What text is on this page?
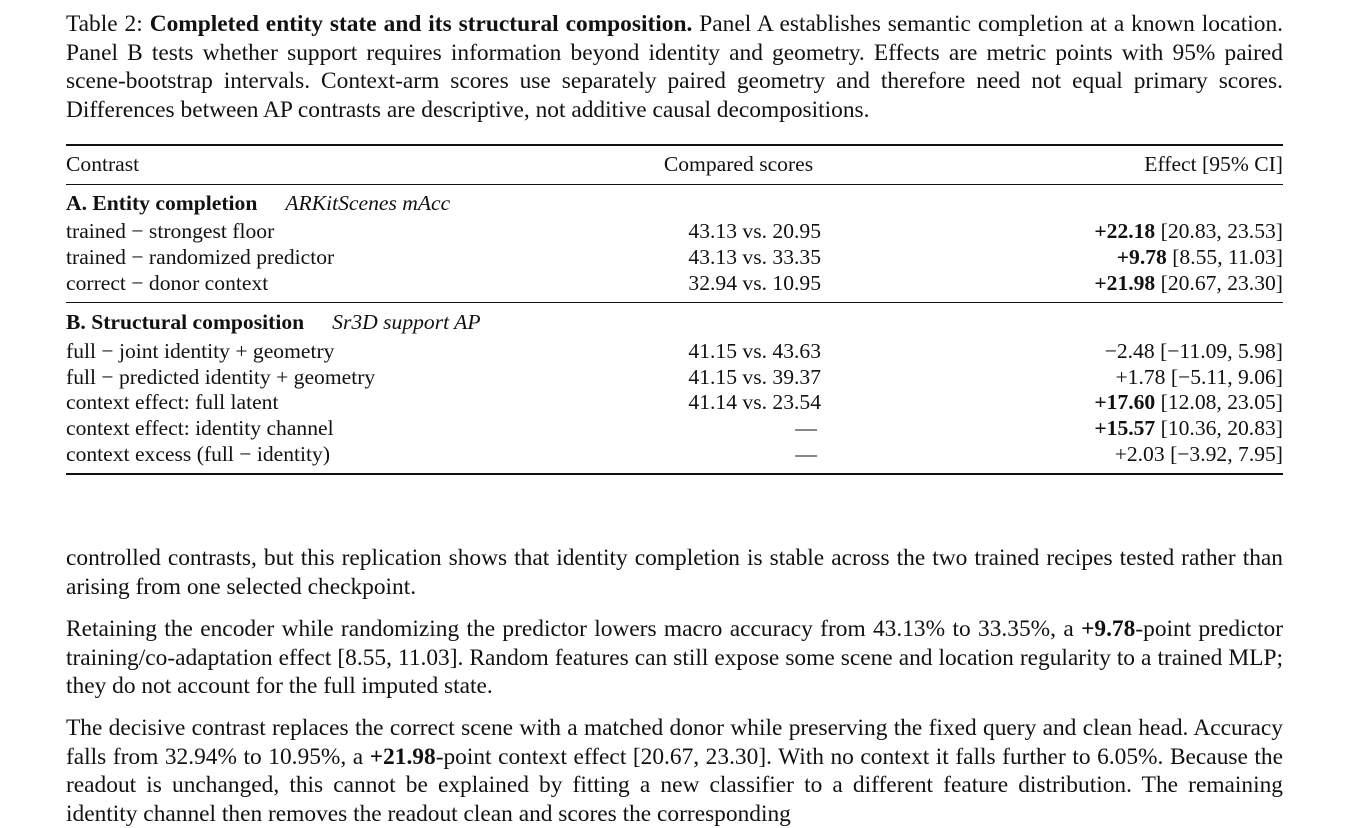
Table 2: Completed entity state and its structural composition. Panel A establishes semantic completion at a known location. Panel B tests whether support requires information beyond identity and geometry. Effects are metric points with 95% paired scene-bootstrap intervals. Context-arm scores use separately paired geometry and therefore need not equal primary scores. Differences between AP contrasts are descriptive, not additive causal decompositions.
Contrast	Compared scores	Effect [95% CI]
A. Entity completion ARKitScenes mAcc
trained − strongest floor	43.13 vs. 20.95	+22.18 [20.83, 23.53]
trained − randomized predictor	43.13 vs. 33.35	+9.78 [8.55, 11.03]
correct − donor context	32.94 vs. 10.95	+21.98 [20.67, 23.30]
B. Structural composition Sr3D support AP
full − joint identity + geometry	41.15 vs. 43.63	−2.48 [−11.09, 5.98]
full − predicted identity + geometry	41.15 vs. 39.37	+1.78 [−5.11, 9.06]
context effect: full latent	41.14 vs. 23.54	+17.60 [12.08, 23.05]
context effect: identity channel	—	+15.57 [10.36, 20.83]
context excess (full − identity)	—	+2.03 [−3.92, 7.95]
controlled contrasts, but this replication shows that identity completion is stable across the two trained recipes tested rather than arising from one selected checkpoint.
Retaining the encoder while randomizing the predictor lowers macro accuracy from 43.13% to 33.35%, a +9.78-point predictor training/co-adaptation effect [8.55, 11.03]. Random features can still expose some scene and location regularity to a trained MLP; they do not account for the full imputed state.
The decisive contrast replaces the correct scene with a matched donor while preserving the fixed query and clean head. Accuracy falls from 32.94% to 10.95%, a +21.98-point context effect [20.67, 23.30]. With no context it falls further to 6.05%. Because the readout is unchanged, this cannot be explained by fitting a new classifier to a different feature distribution. The remaining identity channel then removes the readout clean and scores the corresponding
